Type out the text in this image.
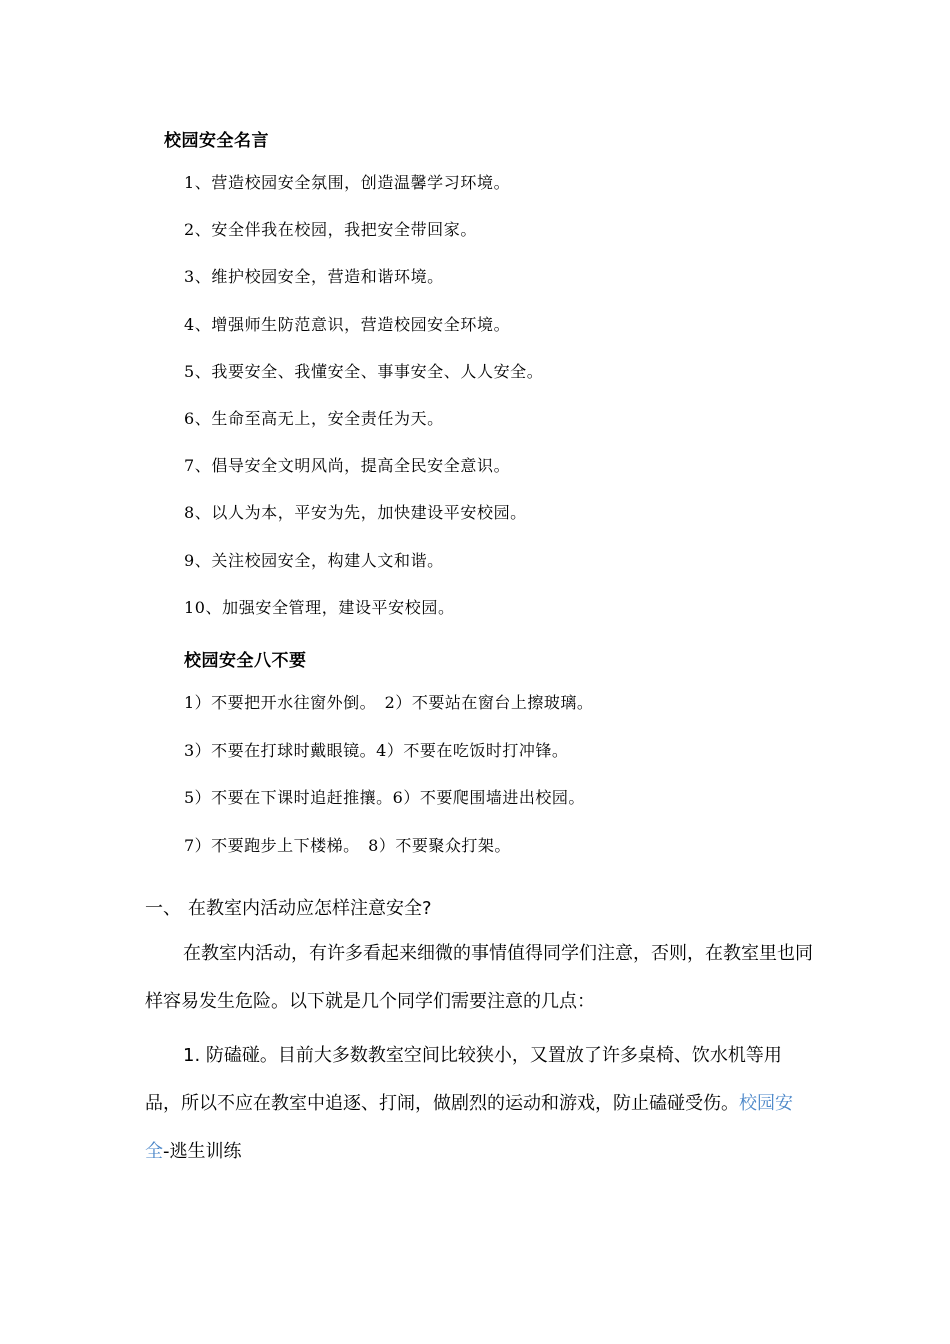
校园安全名言
1、营造校园安全氛围，创造温馨学习环境。
2、安全伴我在校园，我把安全带回家。
3、维护校园安全，营造和谐环境。
4、增强师生防范意识，营造校园安全环境。
5、我要安全、我懂安全、事事安全、人人安全。
6、生命至高无上，安全责任为天。
7、倡导安全文明风尚，提高全民安全意识。
8、以人为本，平安为先，加快建设平安校园。
9、关注校园安全，构建人文和谐。
10、加强安全管理，建设平安校园。
校园安全八不要
1）不要把开水往窗外倒。　2）不要站在窗台上擦玻璃。
3）不要在打球时戴眼镜。4）不要在吃饭时打冲锋。
5）不要在下课时追赶推攘。6）不要爬围墙进出校园。
7）不要跑步上下楼梯。　8）不要聚众打架。
一、 在教室内活动应怎样注意安全?

在教室内活动，有许多看起来细微的事情值得同学们注意，否则，在教室里也同样容易发生危险。以下就是几个同学们需要注意的几点：

1. 防磕碰。目前大多数教室空间比较狭小，又置放了许多桌椅、饮水机等用品，所以不应在教室中追逐、打闹，做剧烈的运动和游戏，防止磕碰受伤。校园安全-逃生训练
